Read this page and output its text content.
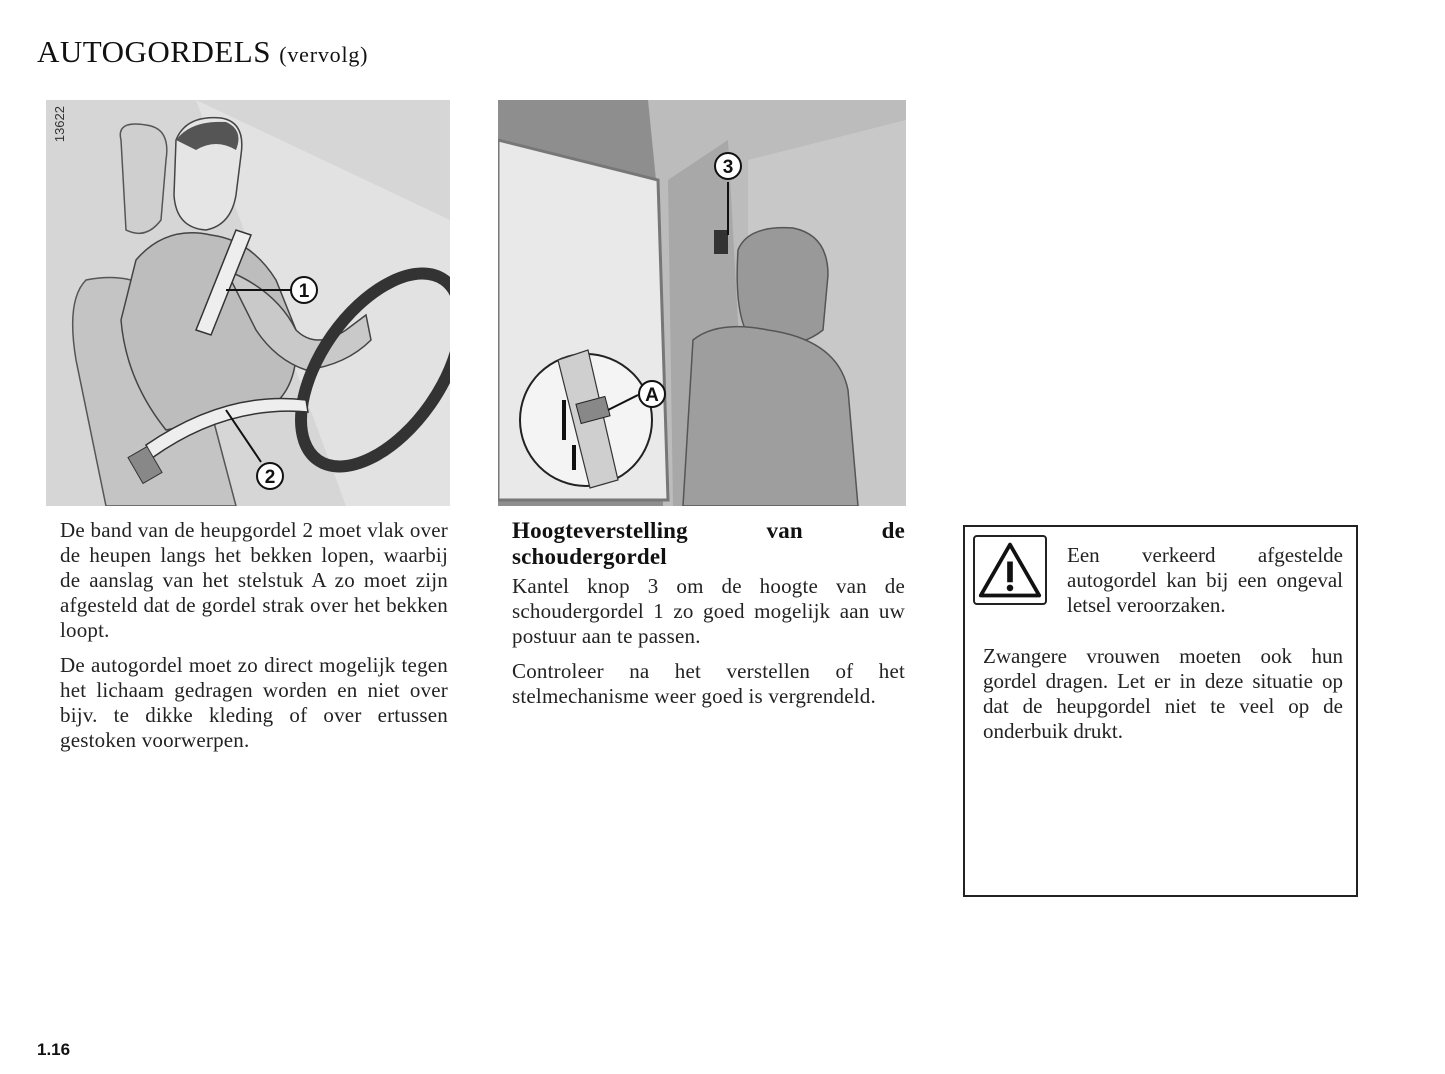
AUTOGORDELS (vervolg)
1
2
13622
3
A

De band van de heupgordel 2 moet vlak over de heupen langs het bekken lopen, waarbij de aanslag van het stelstuk A zo moet zijn afgesteld dat de gordel strak over het bekken loopt.

De autogordel moet zo direct mogelijk tegen het lichaam gedragen worden en niet over bijv. te dikke kleding of over ertussen gestoken voorwerpen.

Hoogteverstelling van de
schoudergordel

Kantel knop 3 om de hoogte van de schoudergordel 1 zo goed mogelijk aan uw postuur aan te passen.

Controleer na het verstellen of het stelmechanisme weer goed is vergrendeld.

Een verkeerd afgestelde autogordel kan bij een ongeval letsel veroorzaken.

Zwangere vrouwen moeten ook hun gordel dragen. Let er in deze situatie op dat de heupgordel niet te veel op de onderbuik drukt.

1.16
